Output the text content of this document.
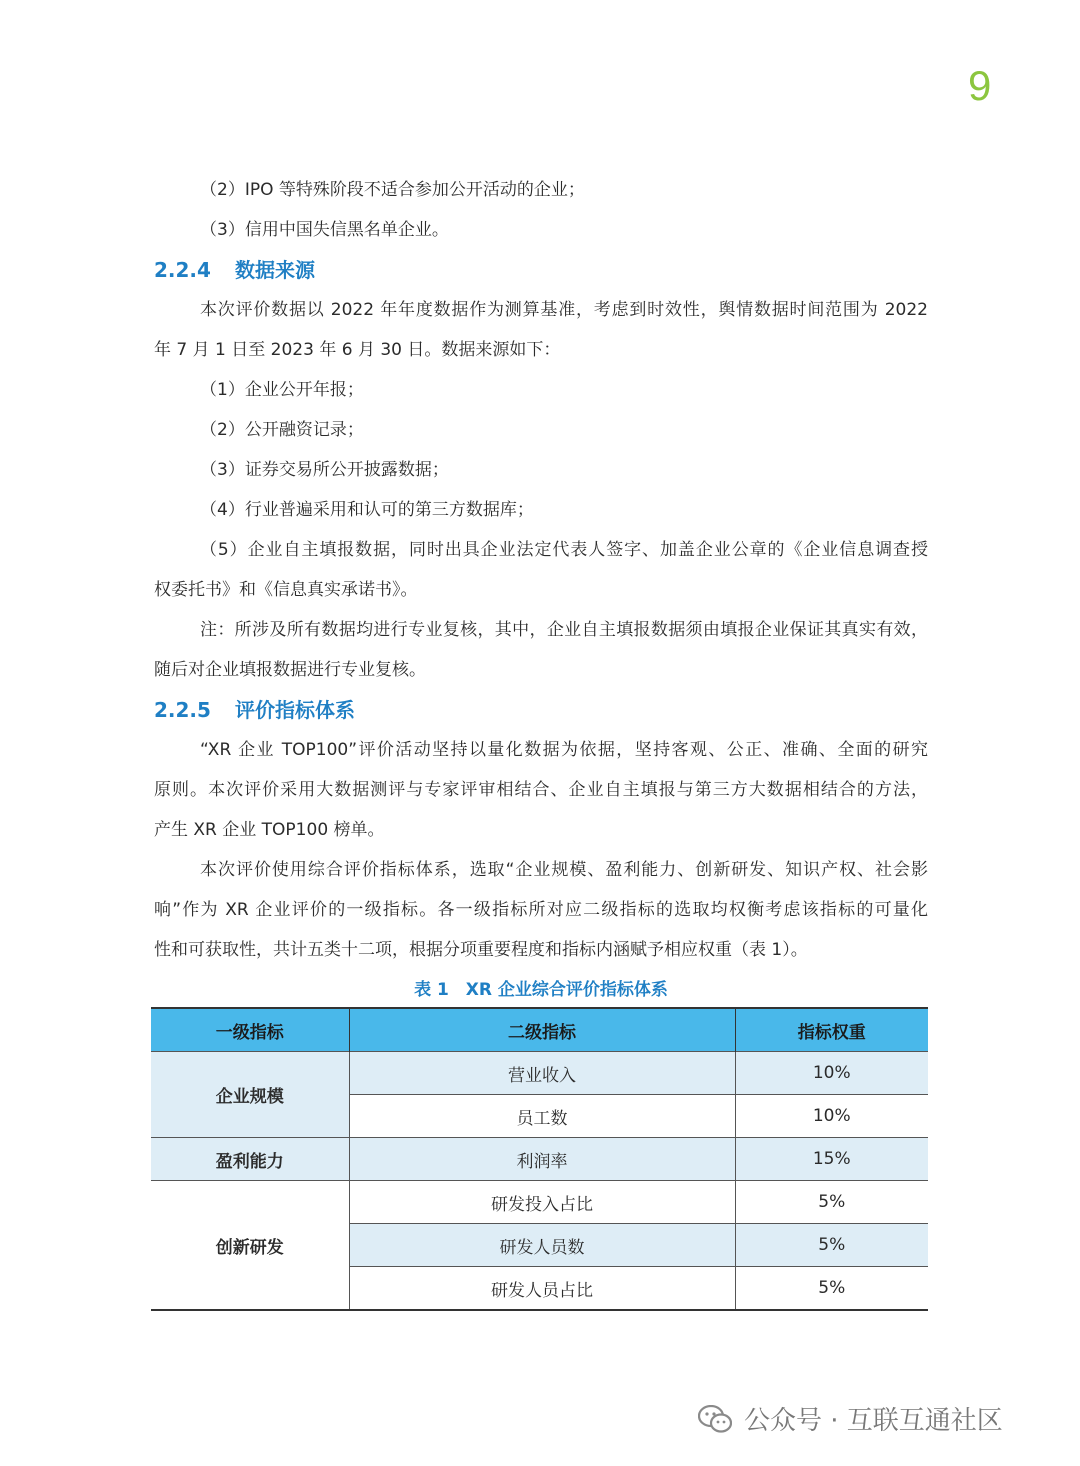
9

（2）IPO 等特殊阶段不适合参加公开活动的企业；

（3）信用中国失信黑名单企业。

2.2.4 数据来源

本次评价数据以 2022 年年度数据作为测算基准，考虑到时效性，舆情数据时间范围为 2022

年 7 月 1 日至 2023 年 6 月 30 日。数据来源如下：

（1）企业公开年报；

（2）公开融资记录；

（3）证券交易所公开披露数据；

（4）行业普遍采用和认可的第三方数据库；

（5）企业自主填报数据，同时出具企业法定代表人签字、加盖企业公章的《企业信息调查授

权委托书》和《信息真实承诺书》。

注：所涉及所有数据均进行专业复核，其中，企业自主填报数据须由填报企业保证其真实有效，

随后对企业填报数据进行专业复核。

2.2.5 评价指标体系

“XR 企业 TOP100”评价活动坚持以量化数据为依据，坚持客观、公正、准确、全面的研究

原则。本次评价采用大数据测评与专家评审相结合、企业自主填报与第三方大数据相结合的方法，

产生 XR 企业 TOP100 榜单。

本次评价使用综合评价指标体系，选取“企业规模、盈利能力、创新研发、知识产权、社会影

响”作为 XR 企业评价的一级指标。各一级指标所对应二级指标的选取均权衡考虑该指标的可量化

性和可获取性，共计五类十二项，根据分项重要程度和指标内涵赋予相应权重（表 1）。

表 1　XR 企业综合评价指标体系

一级指标	二级指标	指标权重
企业规模	营业收入	10%
	员工数	10%
盈利能力	利润率	15%
创新研发	研发投入占比	5%
	研发人员数	5%
	研发人员占比	5%
公众号 · 互联互通社区
